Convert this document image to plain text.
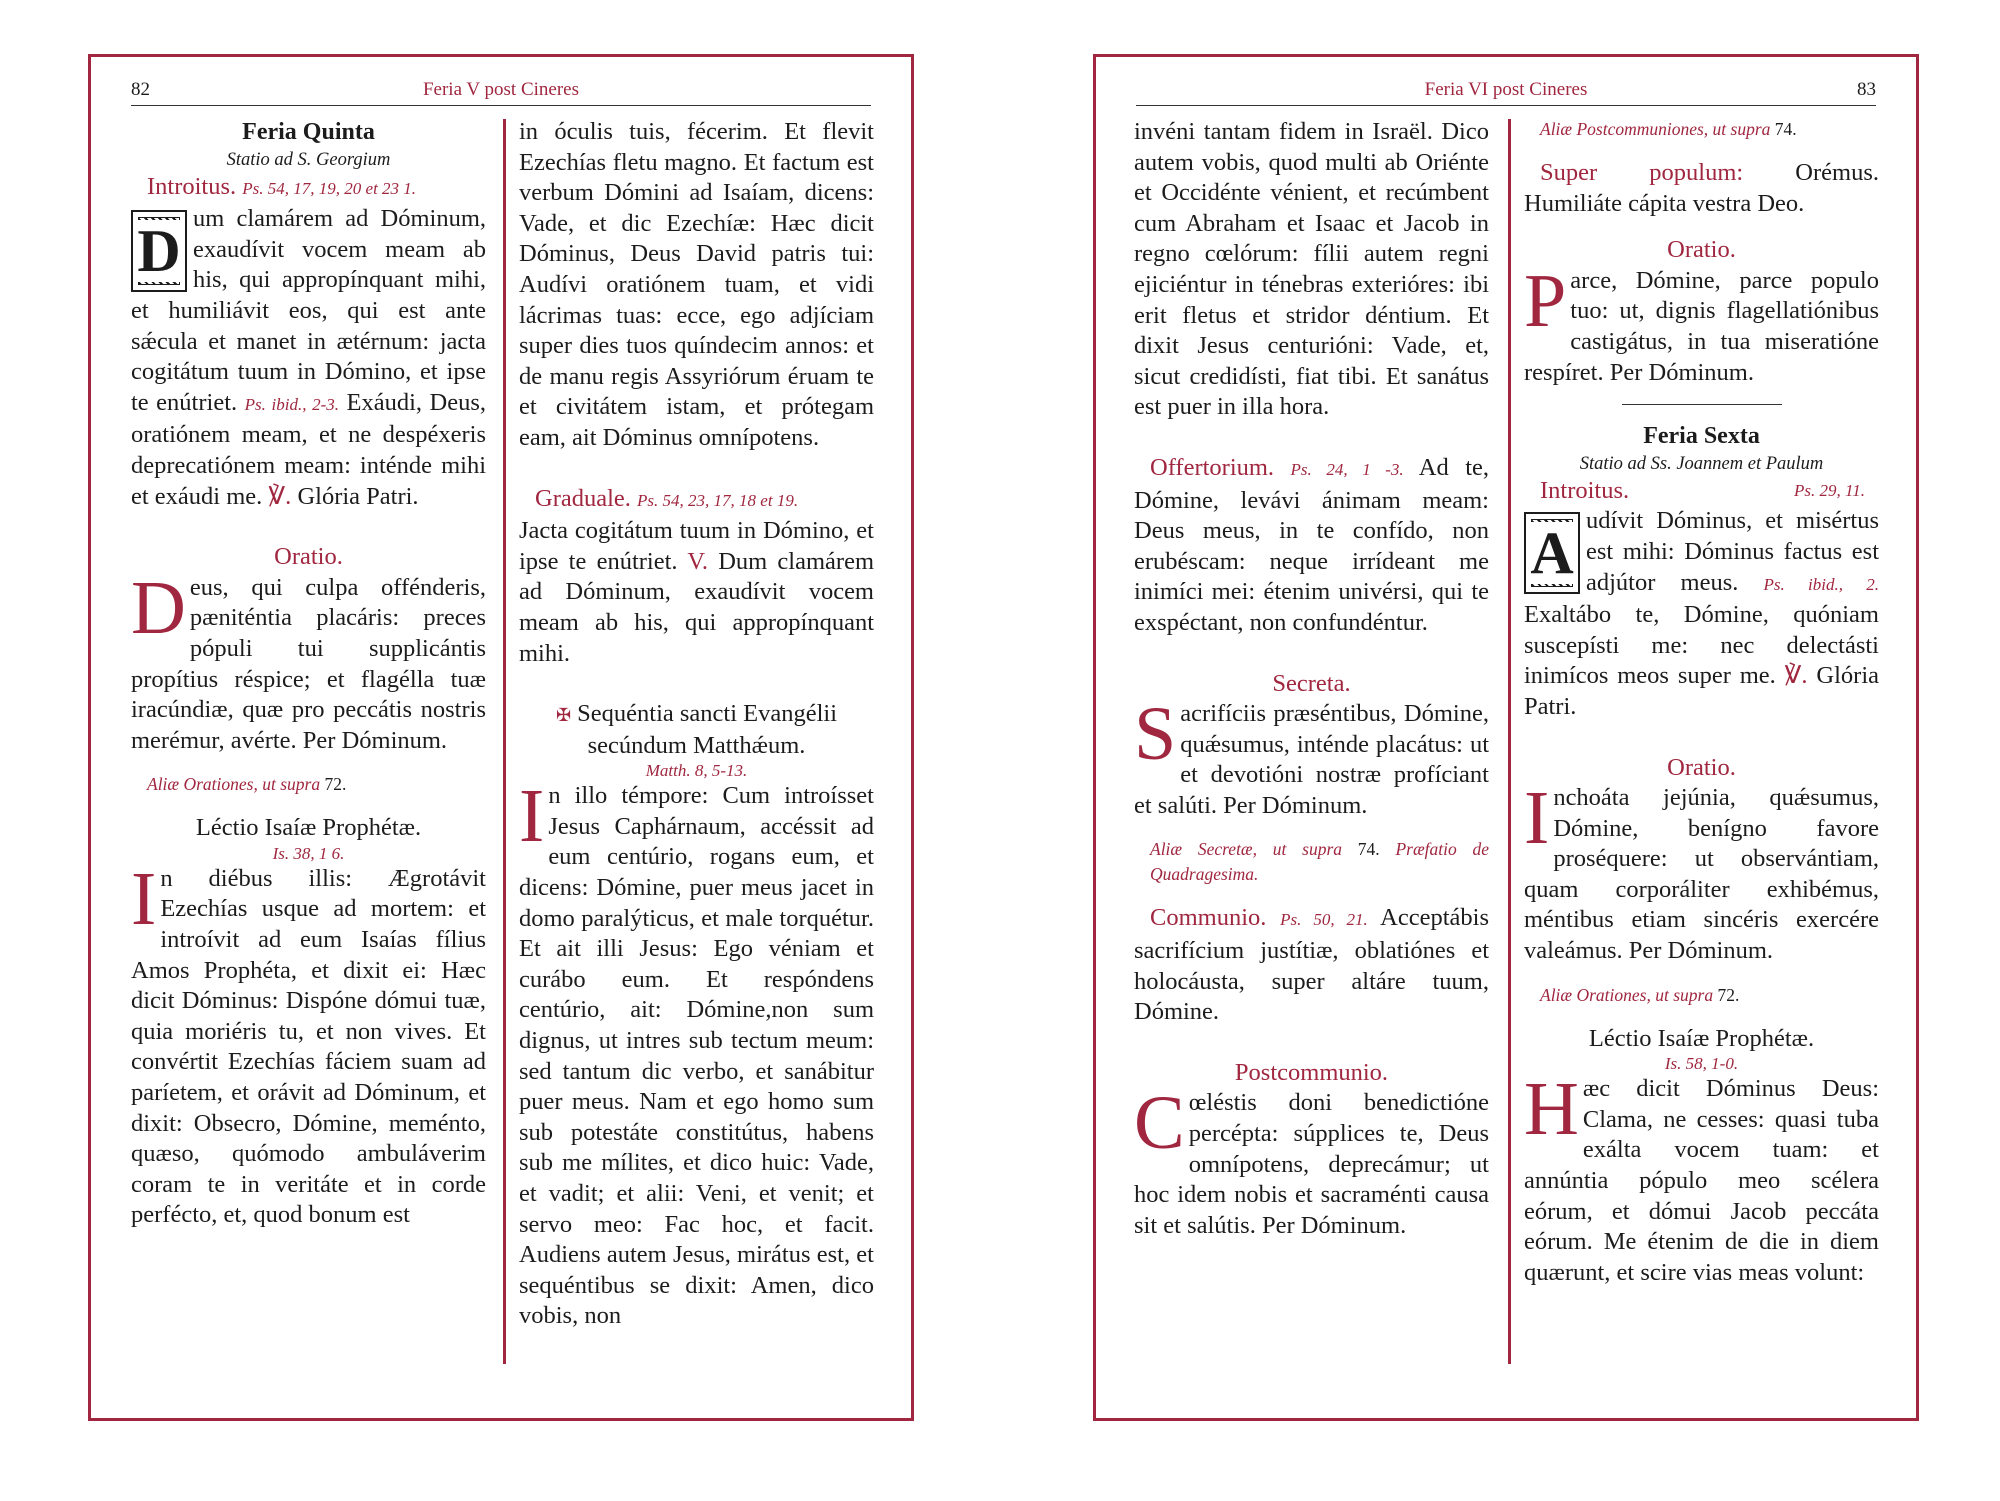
82	Feria V post Cineres

Feria Quinta

Statio ad S. Georgium

Introitus. Ps. 54, 17, 19, 20 et 23 1.

D um clamárem ad Dóminum, exaudívit vocem meam ab his, qui appropínquant mihi, et humiliávit eos, qui est ante sǽcula et manet in ætérnum: jacta cogitátum tuum in Dómino, et ipse te enútriet. Ps. ibid., 2-3. Exáudi, Deus, oratiónem meam, et ne despéxeris deprecatiónem meam: inténde mihi et exáudi me. ℣. Glória Patri.

Oratio.

D eus, qui culpa offénderis, pæniténtia placáris: preces pópuli tui supplicántis propítius réspice; et flagélla tuæ iracúndiæ, quæ pro peccátis nostris merémur, avérte. Per Dóminum.

Aliæ Orationes, ut supra 72.

Léctio Isaíæ Prophétæ.

Is. 38, 1 6.

I n diébus illis: Ægrotávit Ezechías usque ad mortem: et introívit ad eum Isaías fílius Amos Prophéta, et dixit ei: Hæc dicit Dóminus: Dispóne dómui tuæ, quia moriéris tu, et non vives. Et convértit Ezechías fáciem suam ad paríetem, et orávit ad Dóminum, et dixit: Obsecro, Dómine, meménto, quæso, quómodo ambuláverim coram te in veritáte et in corde perfécto, et, quod bonum est

in óculis tuis, fécerim. Et flevit Ezechías fletu magno. Et factum est verbum Dómini ad Isaíam, dicens: Vade, et dic Ezechíæ: Hæc dicit Dóminus, Deus David patris tui: Audívi oratiónem tuam, et vidi lácrimas tuas: ecce, ego adjíciam super dies tuos quíndecim annos: et de manu regis Assyriórum éruam te et civitátem istam, et prótegam eam, ait Dóminus omnípotens.

Graduale. Ps. 54, 23, 17, 18 et 19.

Jacta cogitátum tuum in Dómino, et ipse te enútriet. V. Dum clamárem ad Dóminum, exaudívit vocem meam ab his, qui appropínquant mihi.

✠ Sequéntia sancti Evangélii secúndum Matthǽum.

Matth. 8, 5-13.

I n illo témpore: Cum introísset Jesus Caphárnaum, accéssit ad eum centúrio, rogans eum, et dicens: Dómine, puer meus jacet in domo paralýticus, et male torquétur. Et ait illi Jesus: Ego véniam et curábo eum. Et respóndens centúrio, ait: Dómine,non sum dignus, ut intres sub tectum meum: sed tantum dic verbo, et sanábitur puer meus. Nam et ego homo sum sub potestáte constitútus, habens sub me mílites, et dico huic: Vade, et vadit; et alii: Veni, et venit; et servo meo: Fac hoc, et facit. Audiens autem Jesus, mirátus est, et sequéntibus se dixit: Amen, dico vobis, non

Feria VI post Cineres	83

invéni tantam fidem in Israël. Dico autem vobis, quod multi ab Oriénte et Occidénte vénient, et recúmbent cum Abraham et Isaac et Jacob in regno cœlórum: fílii autem regni ejiciéntur in ténebras exterióres: ibi erit fletus et stridor déntium. Et dixit Jesus centurióni: Vade, et, sicut credidísti, fiat tibi. Et sanátus est puer in illa hora.

Offertorium. Ps. 24, 1 -3. Ad te, Dómine, levávi ánimam meam: Deus meus, in te confído, non erubéscam: neque irrídeant me inimíci mei: étenim univérsi, qui te exspéctant, non confundéntur.

Secreta.

S acrifíciis præséntibus, Dómine, quǽsumus, inténde placátus: ut et devotióni nostræ profíciant et salúti. Per Dóminum.

Aliæ Secretæ, ut supra 74. Præfatio de Quadragesima.

Communio. Ps. 50, 21. Acceptábis sacrifícium justítiæ, oblatiónes et holocáusta, super altáre tuum, Dómine.

Postcommunio.

C œléstis doni benedictióne percépta: súpplices te, Deus omnípotens, deprecámur; ut hoc idem nobis et sacraménti causa sit et salútis. Per Dóminum.

Aliæ Postcommuniones, ut supra 74.

Super populum: Orémus. Humiliáte cápita vestra Deo.

Oratio.

P arce, Dómine, parce populo tuo: ut, dignis flagellatiónibus castigátus, in tua miseratióne respíret. Per Dóminum.

Feria Sexta

Statio ad Ss. Joannem et Paulum

Introitus.	Ps. 29, 11.

A udívit Dóminus, et misértus est mihi: Dóminus factus est adjútor meus. Ps. ibid., 2. Exaltábo te, Dómine, quóniam suscepísti me: nec delectásti inimícos meos super me. ℣. Glória Patri.

Oratio.

I nchoáta jejúnia, quǽsumus, Dómine, benígno favore proséquere: ut observántiam, quam corporáliter exhibémus, méntibus etiam sincéris exercére valeámus. Per Dóminum.

Aliæ Orationes, ut supra 72.

Léctio Isaíæ Prophétæ.

Is. 58, 1-0.

H æc dicit Dóminus Deus: Clama, ne cesses: quasi tuba exálta vocem tuam: et annúntia pópulo meo scélera eórum, et dómui Jacob peccáta eórum. Me étenim de die in diem quærunt, et scire vias meas volunt:
